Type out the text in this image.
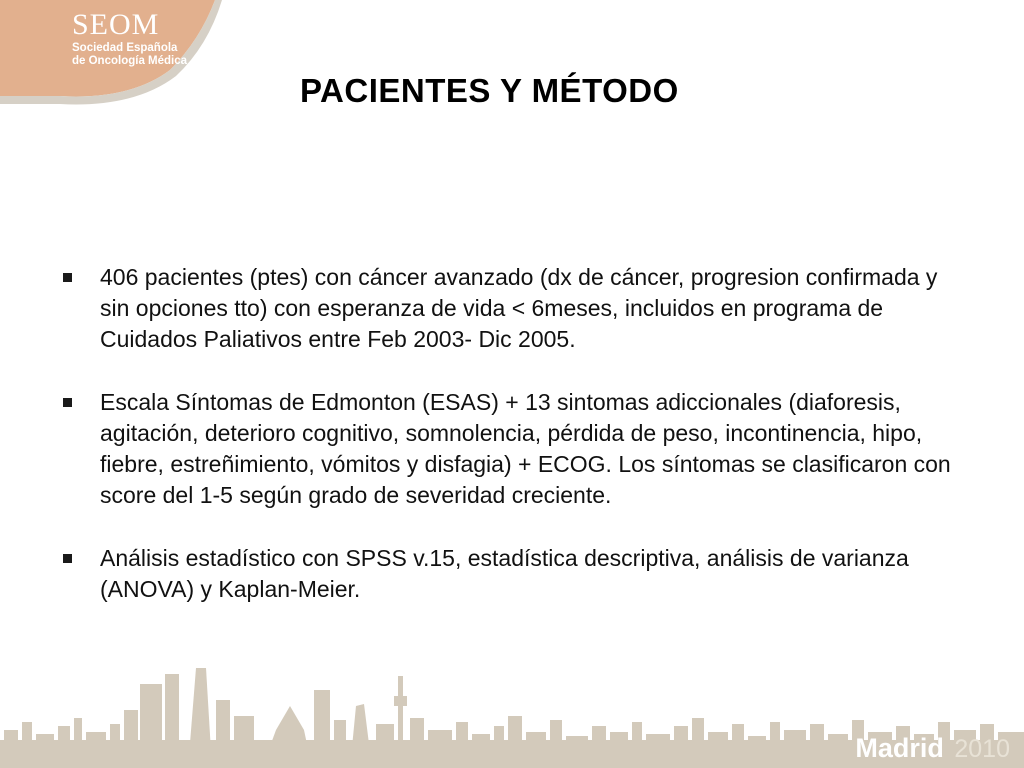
SEOM
Sociedad Española
de Oncología Médica
PACIENTES Y MÉTODO
406 pacientes (ptes) con cáncer avanzado (dx de cáncer, progresion confirmada y sin opciones tto) con esperanza de vida < 6meses, incluidos en programa de Cuidados Paliativos entre Feb 2003- Dic 2005.
Escala Síntomas de Edmonton (ESAS) + 13 sintomas adiccionales (diaforesis, agitación, deterioro cognitivo, somnolencia, pérdida de peso, incontinencia, hipo, fiebre, estreñimiento, vómitos y disfagia) + ECOG. Los síntomas se clasificaron con score del 1-5 según grado de severidad creciente.
Análisis estadístico con SPSS v.15, estadística descriptiva, análisis de varianza (ANOVA) y Kaplan-Meier.
Madrid 2010
